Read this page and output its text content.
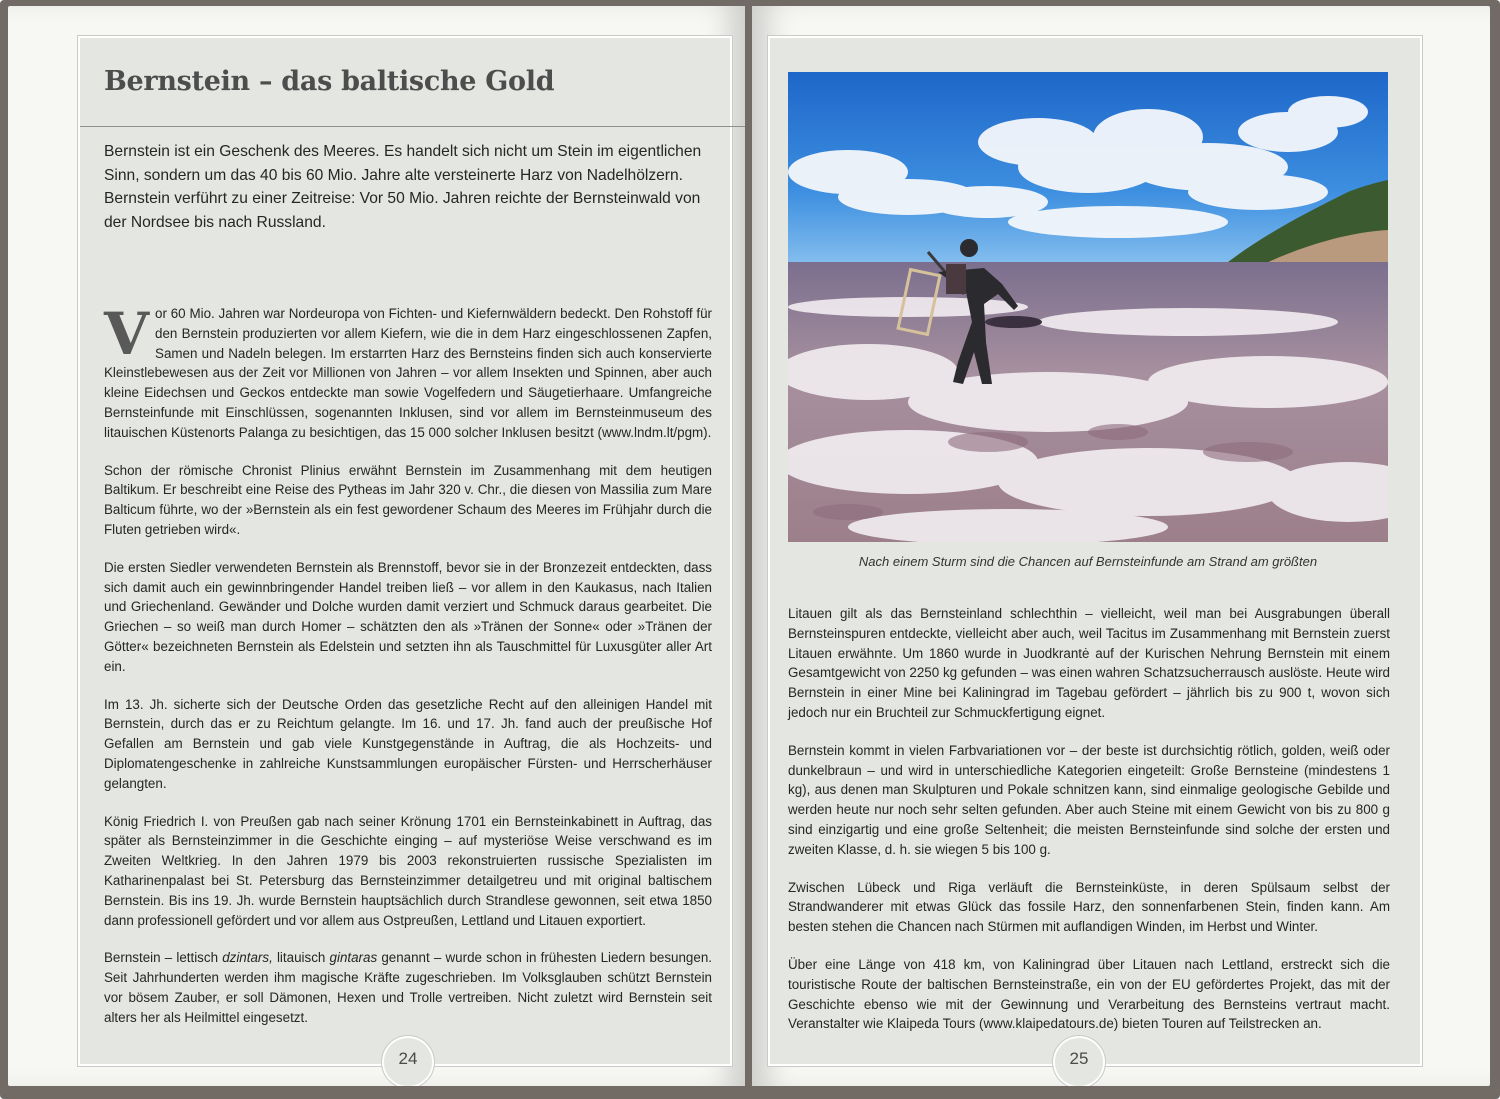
Bernstein – das baltische Gold
Bernstein ist ein Geschenk des Meeres. Es handelt sich nicht um Stein im eigentlichen Sinn, sondern um das 40 bis 60 Mio. Jahre alte versteinerte Harz von Nadelhölzern. Bernstein verführt zu einer Zeitreise: Vor 50 Mio. Jahren reichte der Bernsteinwald von der Nordsee bis nach Russland.

Vor 60 Mio. Jahren war Nordeuropa von Fichten- und Kiefernwäldern bedeckt. Den Rohstoff für den Bernstein produzierten vor allem Kiefern, wie die in dem Harz eingeschlossenen Zapfen, Samen und Nadeln belegen. Im erstarrten Harz des Bernsteins finden sich auch konservierte Kleinstlebewesen aus der Zeit vor Millionen von Jahren – vor allem Insekten und Spinnen, aber auch kleine Eidechsen und Geckos entdeckte man sowie Vogelfedern und Säugetierhaare. Umfangreiche Bernsteinfunde mit Einschlüssen, sogenannten Inklusen, sind vor allem im Bernsteinmuseum des litauischen Küstenorts Palanga zu besichtigen, das 15 000 solcher Inklusen besitzt (www.lndm.lt/pgm).

Schon der römische Chronist Plinius erwähnt Bernstein im Zusammenhang mit dem heutigen Baltikum. Er beschreibt eine Reise des Pytheas im Jahr 320 v. Chr., die diesen von Massilia zum Mare Balticum führte, wo der »Bernstein als ein fest gewordener Schaum des Meeres im Frühjahr durch die Fluten getrieben wird«.

Die ersten Siedler verwendeten Bernstein als Brennstoff, bevor sie in der Bronzezeit entdeckten, dass sich damit auch ein gewinnbringender Handel treiben ließ – vor allem in den Kaukasus, nach Italien und Griechenland. Gewänder und Dolche wurden damit verziert und Schmuck daraus gearbeitet. Die Griechen – so weiß man durch Homer – schätzten den als »Tränen der Sonne« oder »Tränen der Götter« bezeichneten Bernstein als Edelstein und setzten ihn als Tauschmittel für Luxusgüter aller Art ein.

Im 13. Jh. sicherte sich der Deutsche Orden das gesetzliche Recht auf den alleinigen Handel mit Bernstein, durch das er zu Reichtum gelangte. Im 16. und 17. Jh. fand auch der preußische Hof Gefallen am Bernstein und gab viele Kunstgegenstände in Auftrag, die als Hochzeits- und Diplomatengeschenke in zahlreiche Kunstsammlungen europäischer Fürsten- und Herrscherhäuser gelangten.

König Friedrich I. von Preußen gab nach seiner Krönung 1701 ein Bernsteinkabinett in Auftrag, das später als Bernsteinzimmer in die Geschichte einging – auf mysteriöse Weise verschwand es im Zweiten Weltkrieg. In den Jahren 1979 bis 2003 rekonstruierten russische Spezialisten im Katharinenpalast bei St. Petersburg das Bernsteinzimmer detailgetreu und mit original baltischem Bernstein. Bis ins 19. Jh. wurde Bernstein hauptsächlich durch Strandlese gewonnen, seit etwa 1850 dann professionell gefördert und vor allem aus Ostpreußen, Lettland und Litauen exportiert.

Bernstein – lettisch dzintars, litauisch gintaras genannt – wurde schon in frühesten Liedern besungen. Seit Jahrhunderten werden ihm magische Kräfte zugeschrieben. Im Volksglauben schützt Bernstein vor bösem Zauber, er soll Dämonen, Hexen und Trolle vertreiben. Nicht zuletzt wird Bernstein seit alters her als Heilmittel eingesetzt.

24
Nach einem Sturm sind die Chancen auf Bernsteinfunde am Strand am größten

Litauen gilt als das Bernsteinland schlechthin – vielleicht, weil man bei Ausgrabungen überall Bernsteinspuren entdeckte, vielleicht aber auch, weil Tacitus im Zusammenhang mit Bernstein zuerst Litauen erwähnte. Um 1860 wurde in Juodkrantė auf der Kurischen Nehrung Bernstein mit einem Gesamtgewicht von 2250 kg gefunden – was einen wahren Schatzsucherrausch auslöste. Heute wird Bernstein in einer Mine bei Kaliningrad im Tagebau gefördert – jährlich bis zu 900 t, wovon sich jedoch nur ein Bruchteil zur Schmuckfertigung eignet.

Bernstein kommt in vielen Farbvariationen vor – der beste ist durchsichtig rötlich, golden, weiß oder dunkelbraun – und wird in unterschiedliche Kategorien eingeteilt: Große Bernsteine (mindestens 1 kg), aus denen man Skulpturen und Pokale schnitzen kann, sind einmalige geologische Gebilde und werden heute nur noch sehr selten gefunden. Aber auch Steine mit einem Gewicht von bis zu 800 g sind einzigartig und eine große Seltenheit; die meisten Bernsteinfunde sind solche der ersten und zweiten Klasse, d. h. sie wiegen 5 bis 100 g.

Zwischen Lübeck und Riga verläuft die Bernsteinküste, in deren Spülsaum selbst der Strandwanderer mit etwas Glück das fossile Harz, den sonnenfarbenen Stein, finden kann. Am besten stehen die Chancen nach Stürmen mit auflandigen Winden, im Herbst und Winter.

Über eine Länge von 418 km, von Kaliningrad über Litauen nach Lettland, erstreckt sich die touristische Route der baltischen Bernsteinstraße, ein von der EU gefördertes Projekt, das mit der Geschichte ebenso wie mit der Gewinnung und Verarbeitung des Bernsteins vertraut macht. Veranstalter wie Klaipeda Tours (www.klaipedatours.de) bieten Touren auf Teilstrecken an.

25
